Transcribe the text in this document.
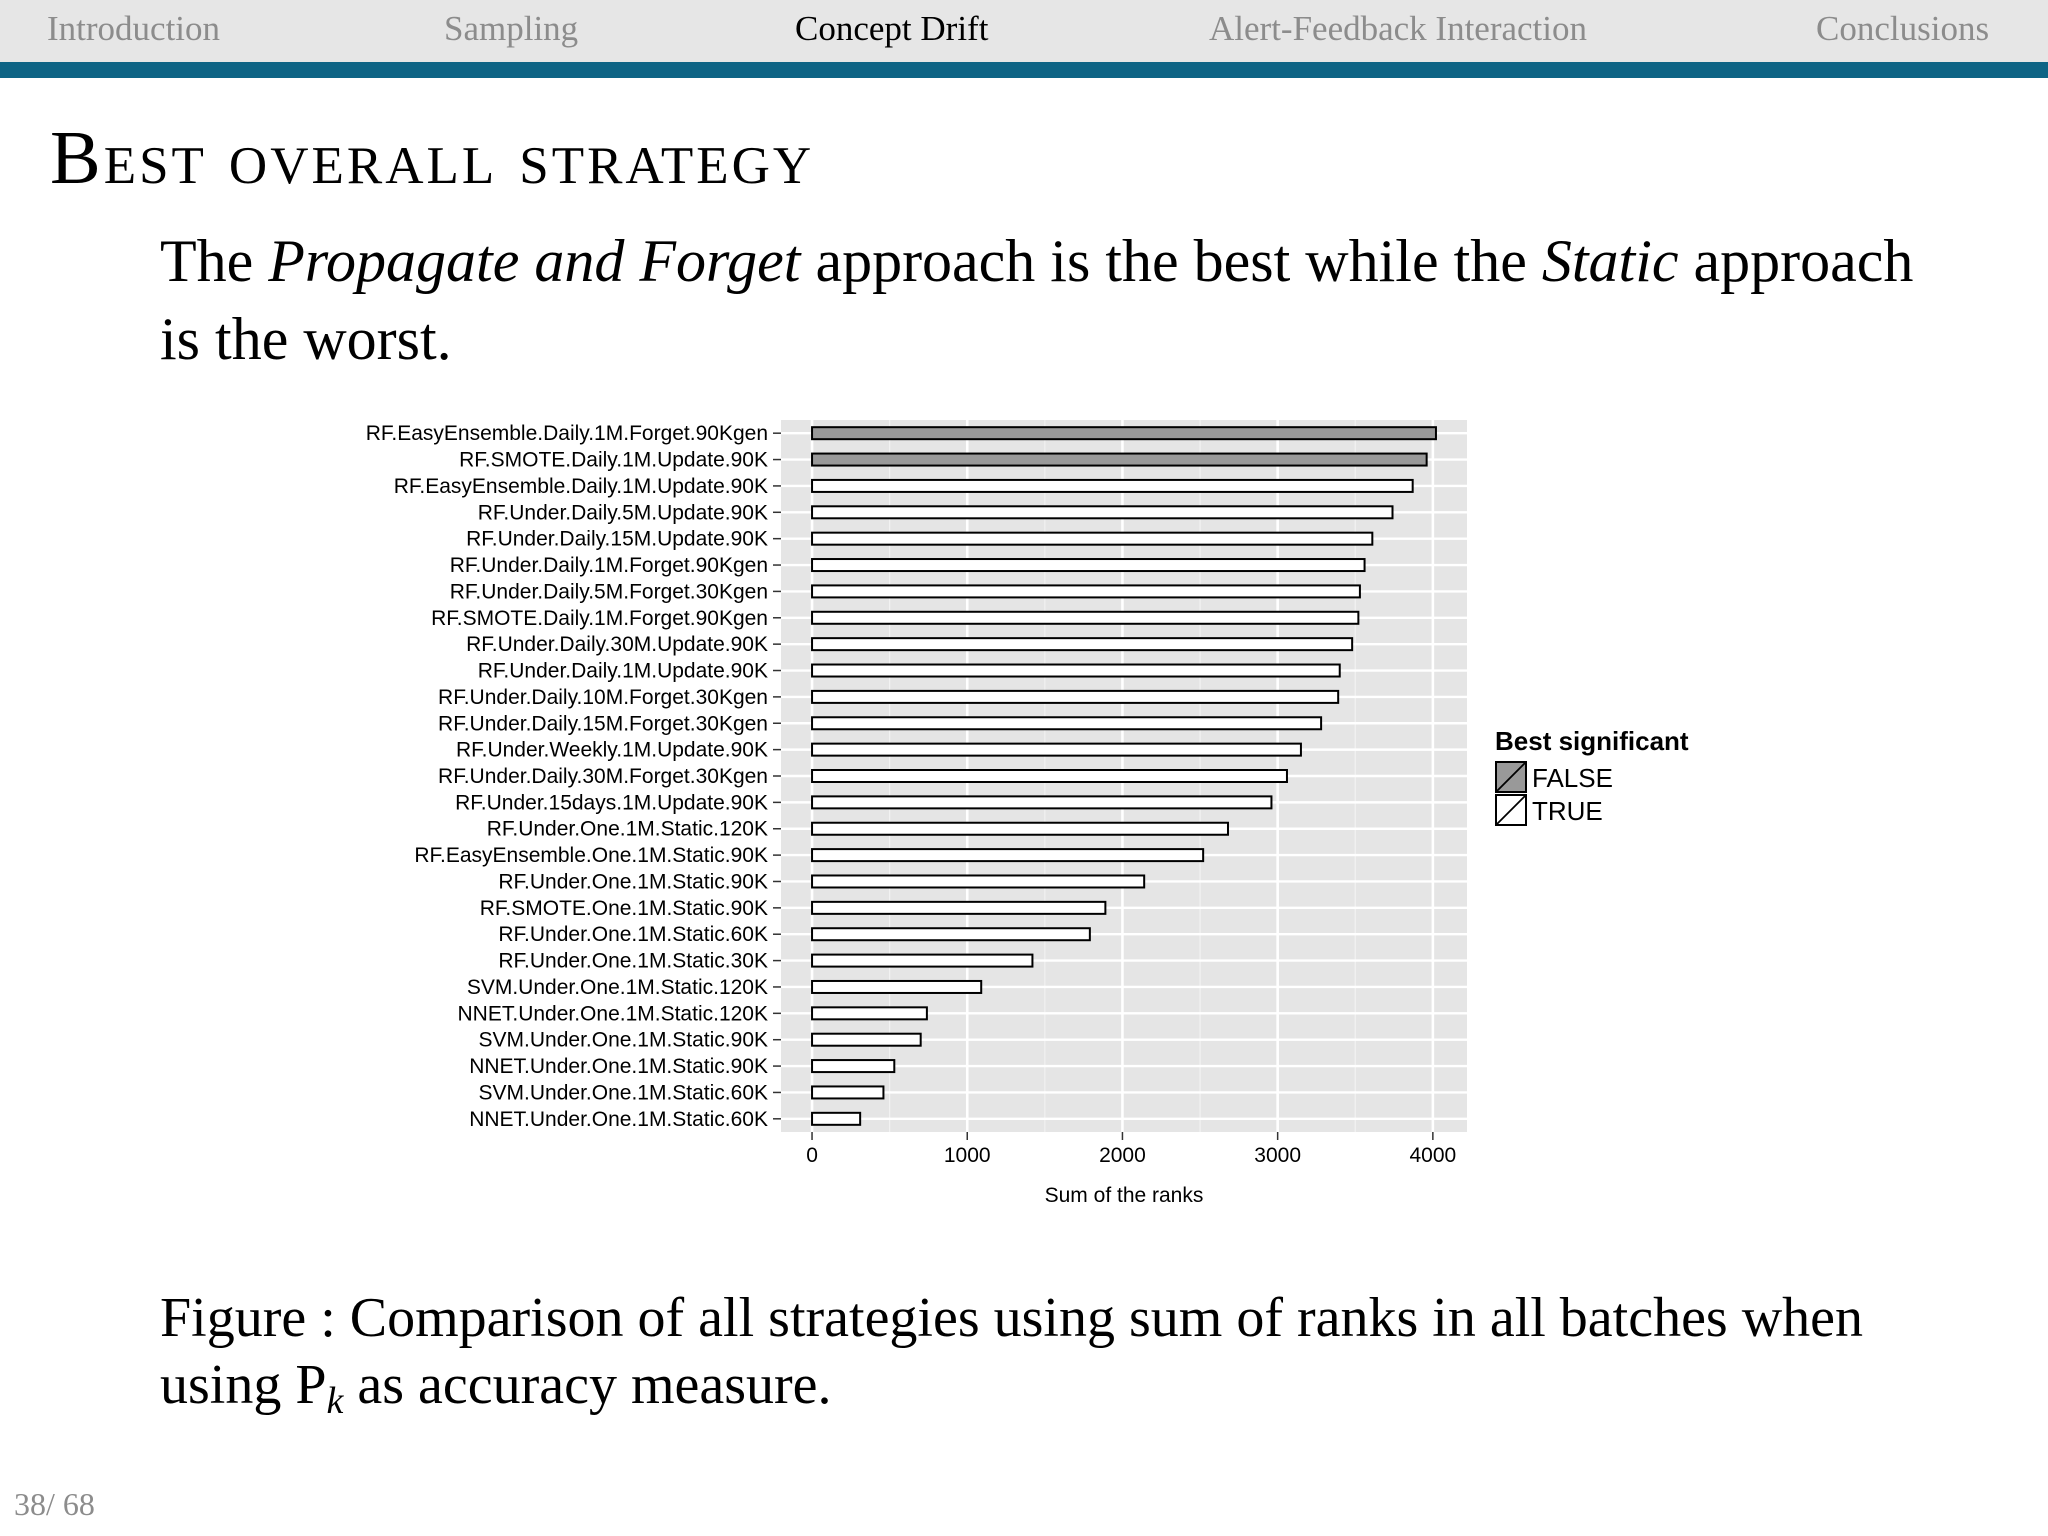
Introduction	Sampling	Concept Drift	Alert-Feedback Interaction	Conclusions
Best overall strategy

The Propagate and Forget approach is the best while the Static approach is the worst.

RF.EasyEnsemble.Daily.1M.Forget.90Kgen
RF.SMOTE.Daily.1M.Update.90K
RF.EasyEnsemble.Daily.1M.Update.90K
RF.Under.Daily.5M.Update.90K
RF.Under.Daily.15M.Update.90K
RF.Under.Daily.1M.Forget.90Kgen
RF.Under.Daily.5M.Forget.30Kgen
RF.SMOTE.Daily.1M.Forget.90Kgen
RF.Under.Daily.30M.Update.90K
RF.Under.Daily.1M.Update.90K
RF.Under.Daily.10M.Forget.30Kgen
RF.Under.Daily.15M.Forget.30Kgen
RF.Under.Weekly.1M.Update.90K
RF.Under.Daily.30M.Forget.30Kgen
RF.Under.15days.1M.Update.90K
RF.Under.One.1M.Static.120K
RF.EasyEnsemble.One.1M.Static.90K
RF.Under.One.1M.Static.90K
RF.SMOTE.One.1M.Static.90K
RF.Under.One.1M.Static.60K
RF.Under.One.1M.Static.30K
SVM.Under.One.1M.Static.120K
NNET.Under.One.1M.Static.120K
SVM.Under.One.1M.Static.90K
NNET.Under.One.1M.Static.90K
SVM.Under.One.1M.Static.60K
NNET.Under.One.1M.Static.60K
0	1000	2000	3000	4000
Sum of the ranks
Best significant
FALSE
TRUE

Figure : Comparison of all strategies using sum of ranks in all batches when using $P_k$ as accuracy measure.

38/ 68
